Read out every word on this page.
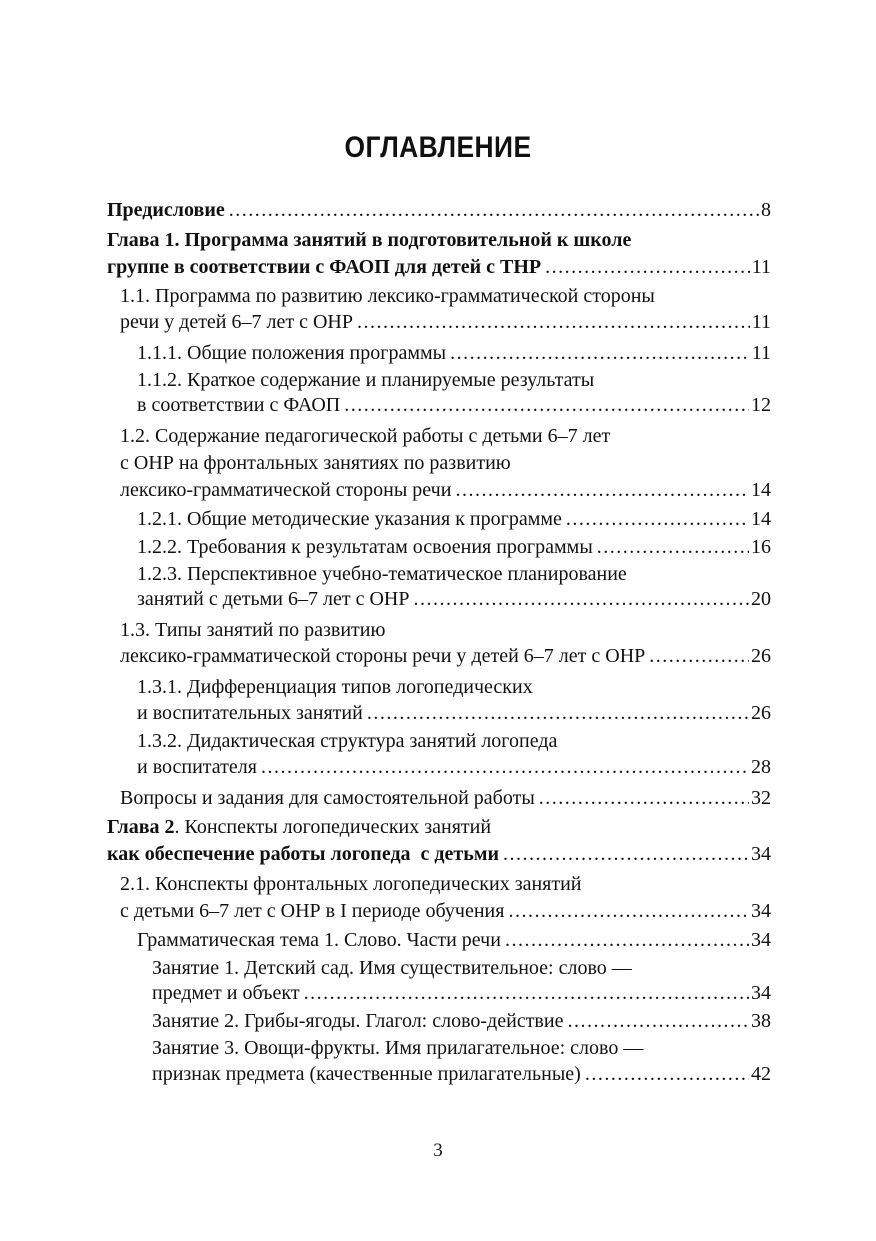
ОГЛАВЛЕНИЕ
Предисловие .....	8
Глава 1. Программа занятий в подготовительной к школе
группе в соответствии с ФАОП для детей с ТНР .....	11
1.1. Программа по развитию лексико-грамматической стороны
речи у детей 6–7 лет с ОНР .....	11
1.1.1. Общие положения программы .....	11
1.1.2. Краткое содержание и планируемые результаты
в соответствии с ФАОП .....	12
1.2. Содержание педагогической работы с детьми 6–7 лет
с ОНР на фронтальных занятиях по развитию
лексико-грамматической стороны речи .....	14
1.2.1. Общие методические указания к программе .....	14
1.2.2. Требования к результатам освоения программы .....	16
1.2.3. Перспективное учебно-тематическое планирование
занятий с детьми 6–7 лет с ОНР .....	20
1.3. Типы занятий по развитию
лексико-грамматической стороны речи у детей 6–7 лет с ОНР .....	26
1.3.1. Дифференциация типов логопедических
и воспитательных занятий .....	26
1.3.2. Дидактическая структура занятий логопеда
и воспитателя .....	28
Вопросы и задания для самостоятельной работы .....	32
Глава 2. Конспекты логопедических занятий
как обеспечение работы логопеда  с детьми .....	34
2.1. Конспекты фронтальных логопедических занятий
с детьми 6–7 лет с ОНР в I периоде обучения .....	34
Грамматическая тема 1. Слово. Части речи .....	34
Занятие 1. Детский сад. Имя существительное: слово —
предмет и объект .....	34
Занятие 2. Грибы-ягоды. Глагол: слово-действие .....	38
Занятие 3. Овощи-фрукты. Имя прилагательное: слово —
признак предмета (качественные прилагательные) .....	42
3
